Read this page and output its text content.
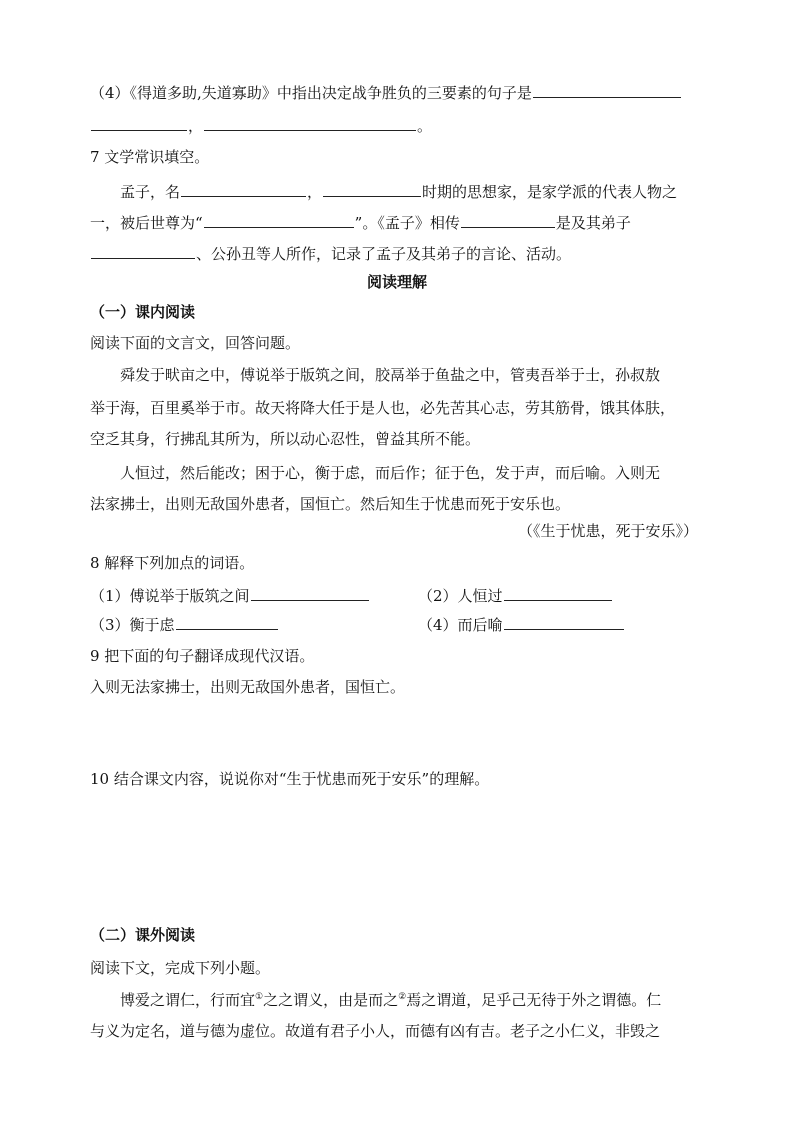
（4）《得道多助,失道寡助》中指出决定战争胜负的三要素的句子是
，	。
7 文学常识填空。
孟子，名	，	时期的思想家，是家学派的代表人物之
一，被后世尊为“	”。《孟子》相传	是及其弟子
、公孙丑等人所作，记录了孟子及其弟子的言论、活动。
阅读理解
（一）课内阅读
阅读下面的文言文，回答问题。
舜发于畎亩之中，傅说举于版筑之间，胶鬲举于鱼盐之中，管夷吾举于士，孙叔敖
举于海，百里奚举于市。故天将降大任于是人也，必先苦其心志，劳其筋骨，饿其体肤，
空乏其身，行拂乱其所为，所以动心忍性，曾益其所不能。
人恒过，然后能改；困于心，衡于虑，而后作；征于色，发于声，而后喻。入则无
法家拂士，出则无敌国外患者，国恒亡。然后知生于忧患而死于安乐也。
（《生于忧患，死于安乐》）
8 解释下列加点的词语。
（1）傅说举于版筑之间	（2）人恒过
（3）衡于虑	（4）而后喻
9 把下面的句子翻译成现代汉语。
入则无法家拂士，出则无敌国外患者，国恒亡。
10 结合课文内容，说说你对“生于忧患而死于安乐”的理解。
（二）课外阅读
阅读下文，完成下列小题。
博爱之谓仁，行而宜①之之谓义，由是而之②焉之谓道，足乎己无待于外之谓德。仁
与义为定名，道与德为虚位。故道有君子小人，而德有凶有吉。老子之小仁义，非毁之
